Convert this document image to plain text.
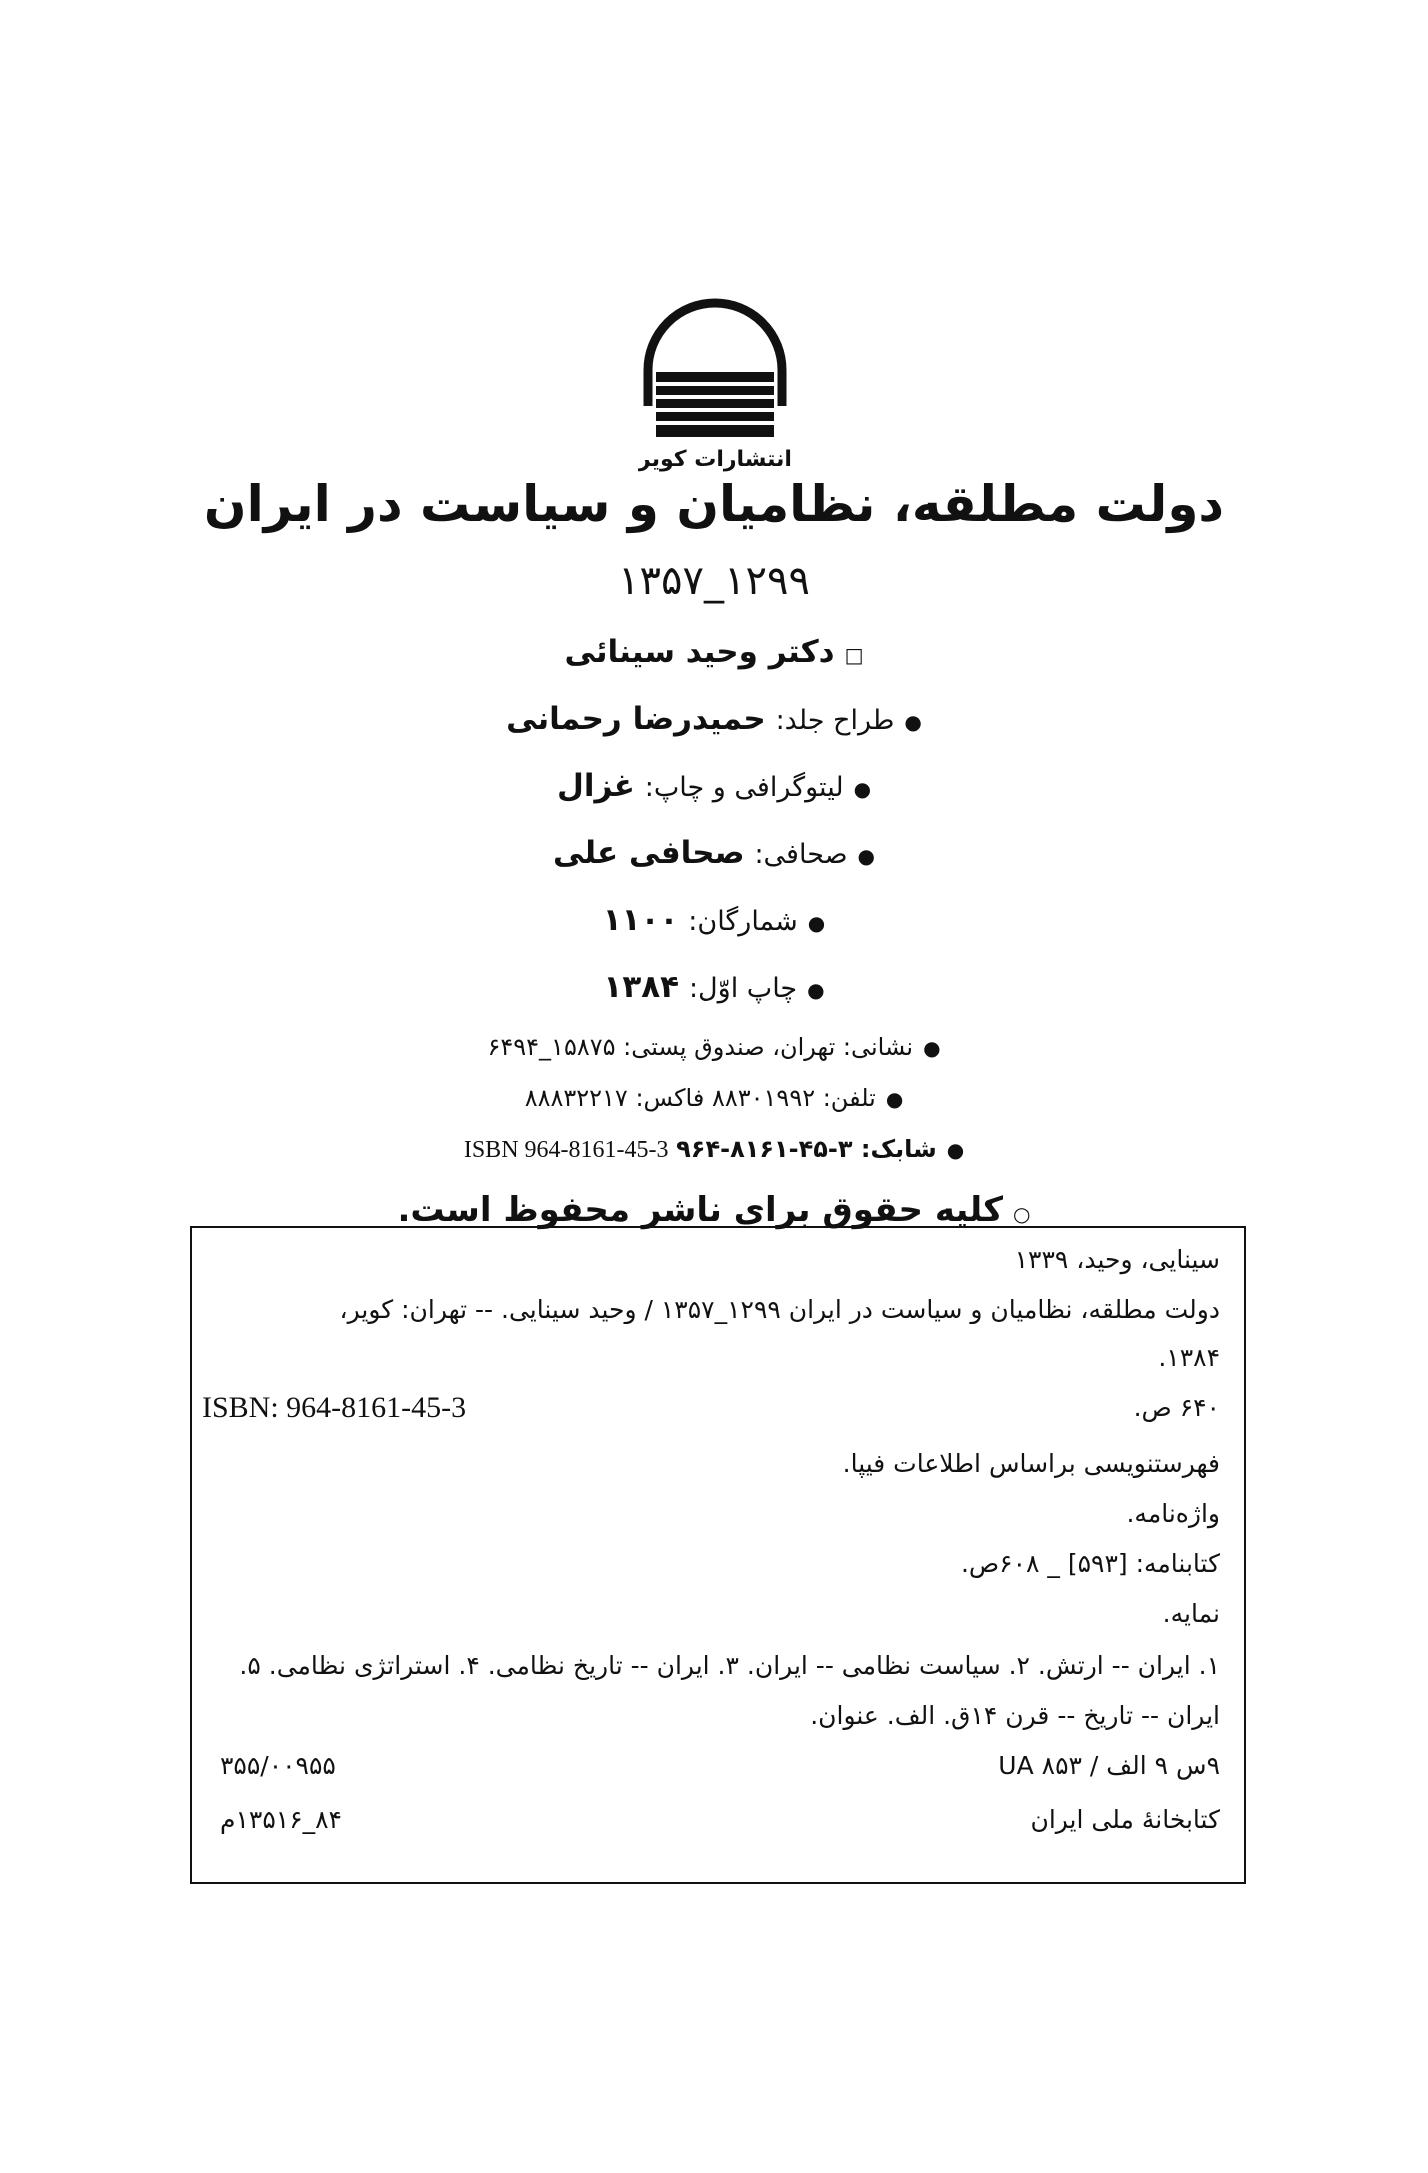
انتشارات کویر
دولت مطلقه، نظامیان و سیاست در ایران
۱۲۹۹_۱۳۵۷
□دکتر وحید سینائی
●طراح جلد: حمیدرضا رحمانی
●لیتوگرافی و چاپ: غزال
●صحافی: صحافی علی
●شمارگان: ۱۱۰۰
●چاپ اوّل: ۱۳۸۴
●نشانی: تهران، صندوق پستی: ۱۵۸۷۵_۶۴۹۴
●تلفن: ۸۸۳۰۱۹۹۲ فاکس: ۸۸۸۳۲۲۱۷
●شابک: ۳-۴۵-۸۱۶۱-۹۶۴ ISBN 964-8161-45-3
○کلیه حقوق برای ناشر محفوظ است.
سینایی، وحید، ۱۳۳۹
دولت مطلقه، نظامیان و سیاست در ایران ۱۲۹۹_۱۳۵۷ / وحید سینایی. -- تهران: کویر،
۱۳۸۴.
۶۴۰ ص.
ISBN: 964-8161-45-3
فهرستنویسی براساس اطلاعات فیپا.
واژه‌نامه.
کتابنامه: [۵۹۳] _ ۶۰۸ص.
نمایه.
۱. ایران -- ارتش. ۲. سیاست نظامی -- ایران. ۳. ایران -- تاریخ نظامی. ۴. استراتژی نظامی. ۵.
ایران -- تاریخ -- قرن ۱۴ق. الف. عنوان.
۹س ۹ الف / UA ۸۵۳
۳۵۵/۰۰۹۵۵
کتابخانهٔ ملی ایران
۸۴_۱۳۵۱۶م
